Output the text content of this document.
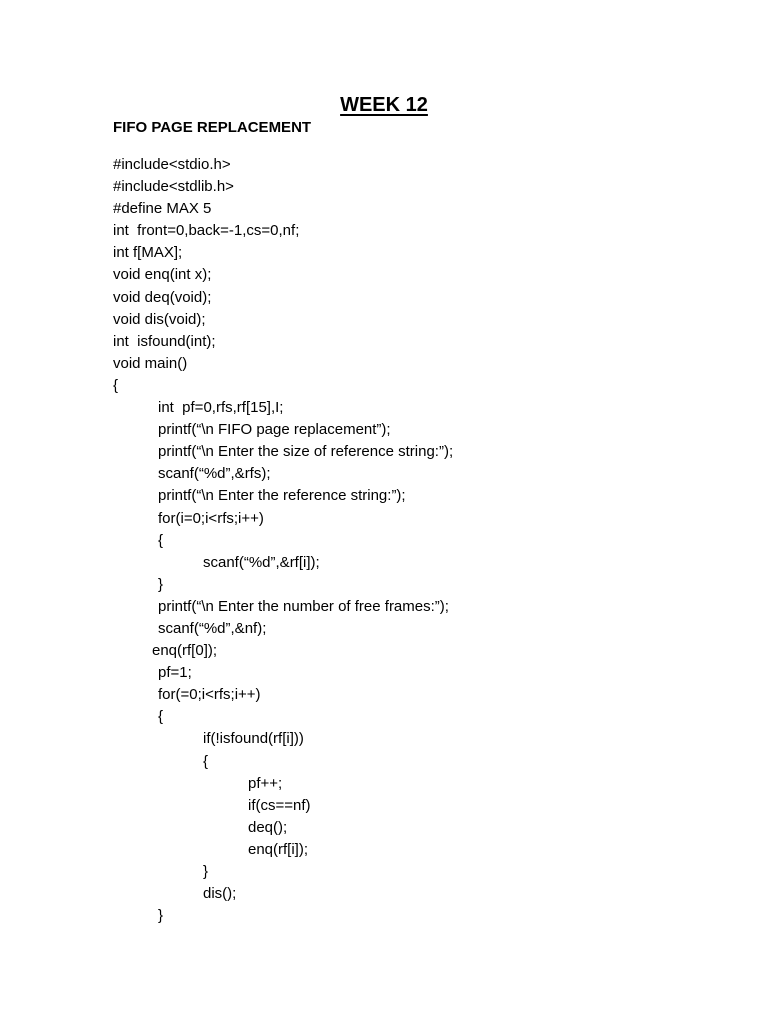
WEEK 12
FIFO PAGE REPLACEMENT
#include<stdio.h>
#include<stdlib.h>
#define MAX 5
int  front=0,back=-1,cs=0,nf;
int f[MAX];
void enq(int x);
void deq(void);
void dis(void);
int  isfound(int);
void main()
{
int  pf=0,rfs,rf[15],I;
printf(“\n FIFO page replacement”);
printf(“\n Enter the size of reference string:”);
scanf(“%d”,&rfs);
printf(“\n Enter the reference string:”);
for(i=0;i<rfs;i++)
{
scanf(“%d”,&rf[i]);
}
printf(“\n Enter the number of free frames:”);
scanf(“%d”,&nf);
enq(rf[0]);
pf=1;
for(=0;i<rfs;i++)
{
if(!isfound(rf[i]))
{
pf++;
if(cs==nf)
deq();
enq(rf[i]);
}
dis();
}
